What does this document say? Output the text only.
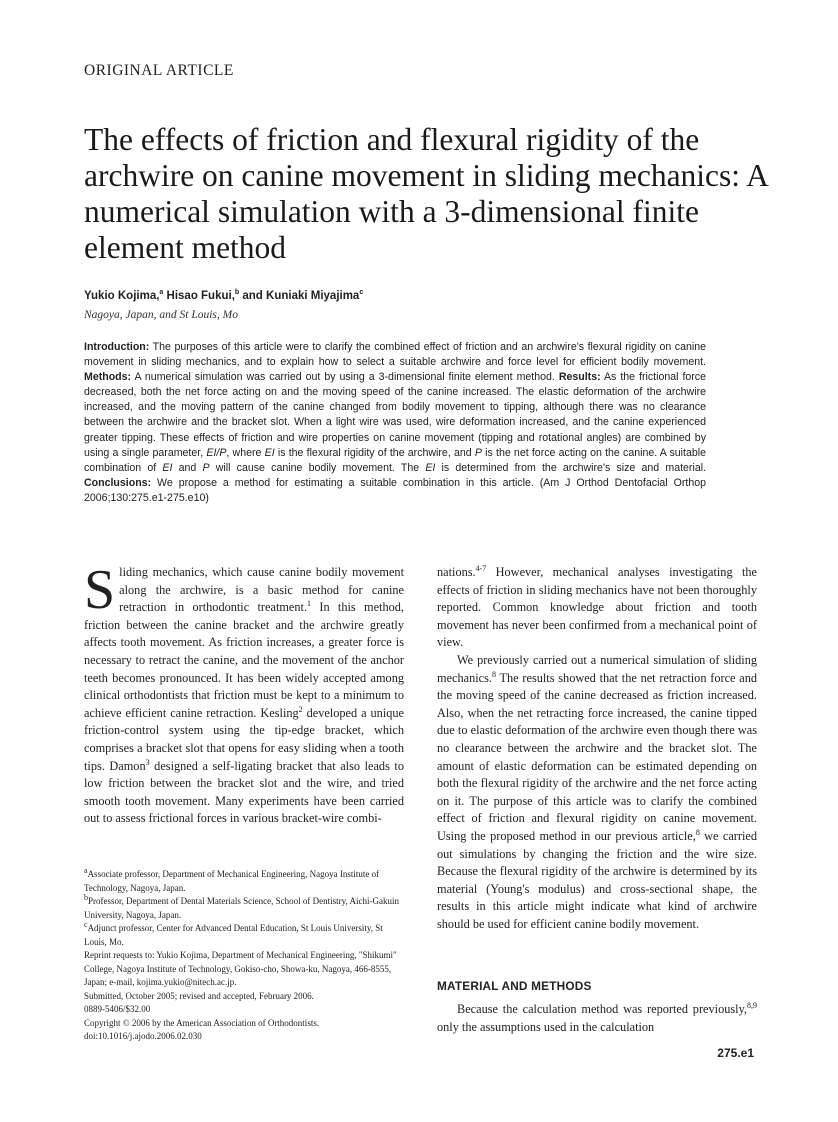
ORIGINAL ARTICLE
The effects of friction and flexural rigidity of the archwire on canine movement in sliding mechanics: A numerical simulation with a 3-dimensional finite element method
Yukio Kojima,$^a$ Hisao Fukui,$^b$ and Kuniaki Miyajima$^c$
Nagoya, Japan, and St Louis, Mo

Introduction: The purposes of this article were to clarify the combined effect of friction and an archwire's flexural rigidity on canine movement in sliding mechanics, and to explain how to select a suitable archwire and force level for efficient bodily movement. Methods: A numerical simulation was carried out by using a 3-dimensional finite element method. Results: As the frictional force decreased, both the net force acting on and the moving speed of the canine increased. The elastic deformation of the archwire increased, and the moving pattern of the canine changed from bodily movement to tipping, although there was no clearance between the archwire and the bracket slot. When a light wire was used, wire deformation increased, and the canine experienced greater tipping. These effects of friction and wire properties on canine movement (tipping and rotational angles) are combined by using a single parameter, EI/P, where EI is the flexural rigidity of the archwire, and P is the net force acting on the canine. A suitable combination of EI and P will cause canine bodily movement. The EI is determined from the archwire's size and material. Conclusions: We propose a method for estimating a suitable combination in this article. (Am J Orthod Dentofacial Orthop 2006;130:275.e1-275.e10)

Sliding mechanics, which cause canine bodily movement along the archwire, is a basic method for canine retraction in orthodontic treatment.$^1$ In this method, friction between the canine bracket and the archwire greatly affects tooth movement. As friction increases, a greater force is necessary to retract the canine, and the movement of the anchor teeth becomes pronounced. It has been widely accepted among clinical orthodontists that friction must be kept to a minimum to achieve efficient canine retraction. Kesling$^2$ developed a unique friction-control system using the tip-edge bracket, which comprises a bracket slot that opens for easy sliding when a tooth tips. Damon$^3$ designed a self-ligating bracket that also leads to low friction between the bracket slot and the wire, and tried smooth tooth movement. Many experiments have been carried out to assess frictional forces in various bracket-wire combi-

$^a$Associate professor, Department of Mechanical Engineering, Nagoya Institute of Technology, Nagoya, Japan.
$^b$Professor, Department of Dental Materials Science, School of Dentistry, Aichi-Gakuin University, Nagoya, Japan.
$^c$Adjunct professor, Center for Advanced Dental Education, St Louis University, St Louis, Mo.
Reprint requests to: Yukio Kojima, Department of Mechanical Engineering, "Shikumi" College, Nagoya Institute of Technology, Gokiso-cho, Showa-ku, Nagoya, 466-8555, Japan; e-mail, kojima.yukio@nitech.ac.jp.
Submitted, October 2005; revised and accepted, February 2006.
0889-5406/$32.00
Copyright © 2006 by the American Association of Orthodontists.
doi:10.1016/j.ajodo.2006.02.030

nations.$^{4-7}$ However, mechanical analyses investigating the effects of friction in sliding mechanics have not been thoroughly reported. Common knowledge about friction and tooth movement has never been confirmed from a mechanical point of view.

We previously carried out a numerical simulation of sliding mechanics.$^8$ The results showed that the net retraction force and the moving speed of the canine decreased as friction increased. Also, when the net retracting force increased, the canine tipped due to elastic deformation of the archwire even though there was no clearance between the archwire and the bracket slot. The amount of elastic deformation can be estimated depending on both the flexural rigidity of the archwire and the net force acting on it. The purpose of this article was to clarify the combined effect of friction and flexural rigidity on canine movement. Using the proposed method in our previous article,$^8$ we carried out simulations by changing the friction and the wire size. Because the flexural rigidity of the archwire is determined by its material (Young's modulus) and cross-sectional shape, the results in this article might indicate what kind of archwire should be used for efficient canine bodily movement.

MATERIAL AND METHODS

Because the calculation method was reported previously,$^{8,9}$ only the assumptions used in the calculation

275.e1
